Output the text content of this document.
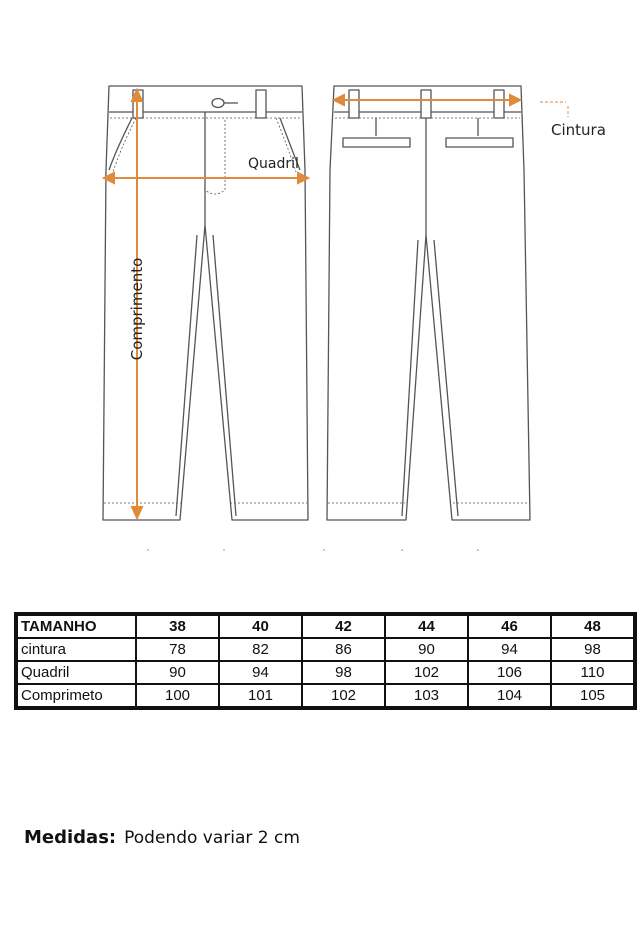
Quadril
Cintura
Comprimento
TAMANHO	38	40	42	44	46	48
cintura	78	82	86	90	94	98
Quadril	90	94	98	102	106	110
Comprimeto	100	101	102	103	104	105
Medidas: Podendo variar 2 cm
